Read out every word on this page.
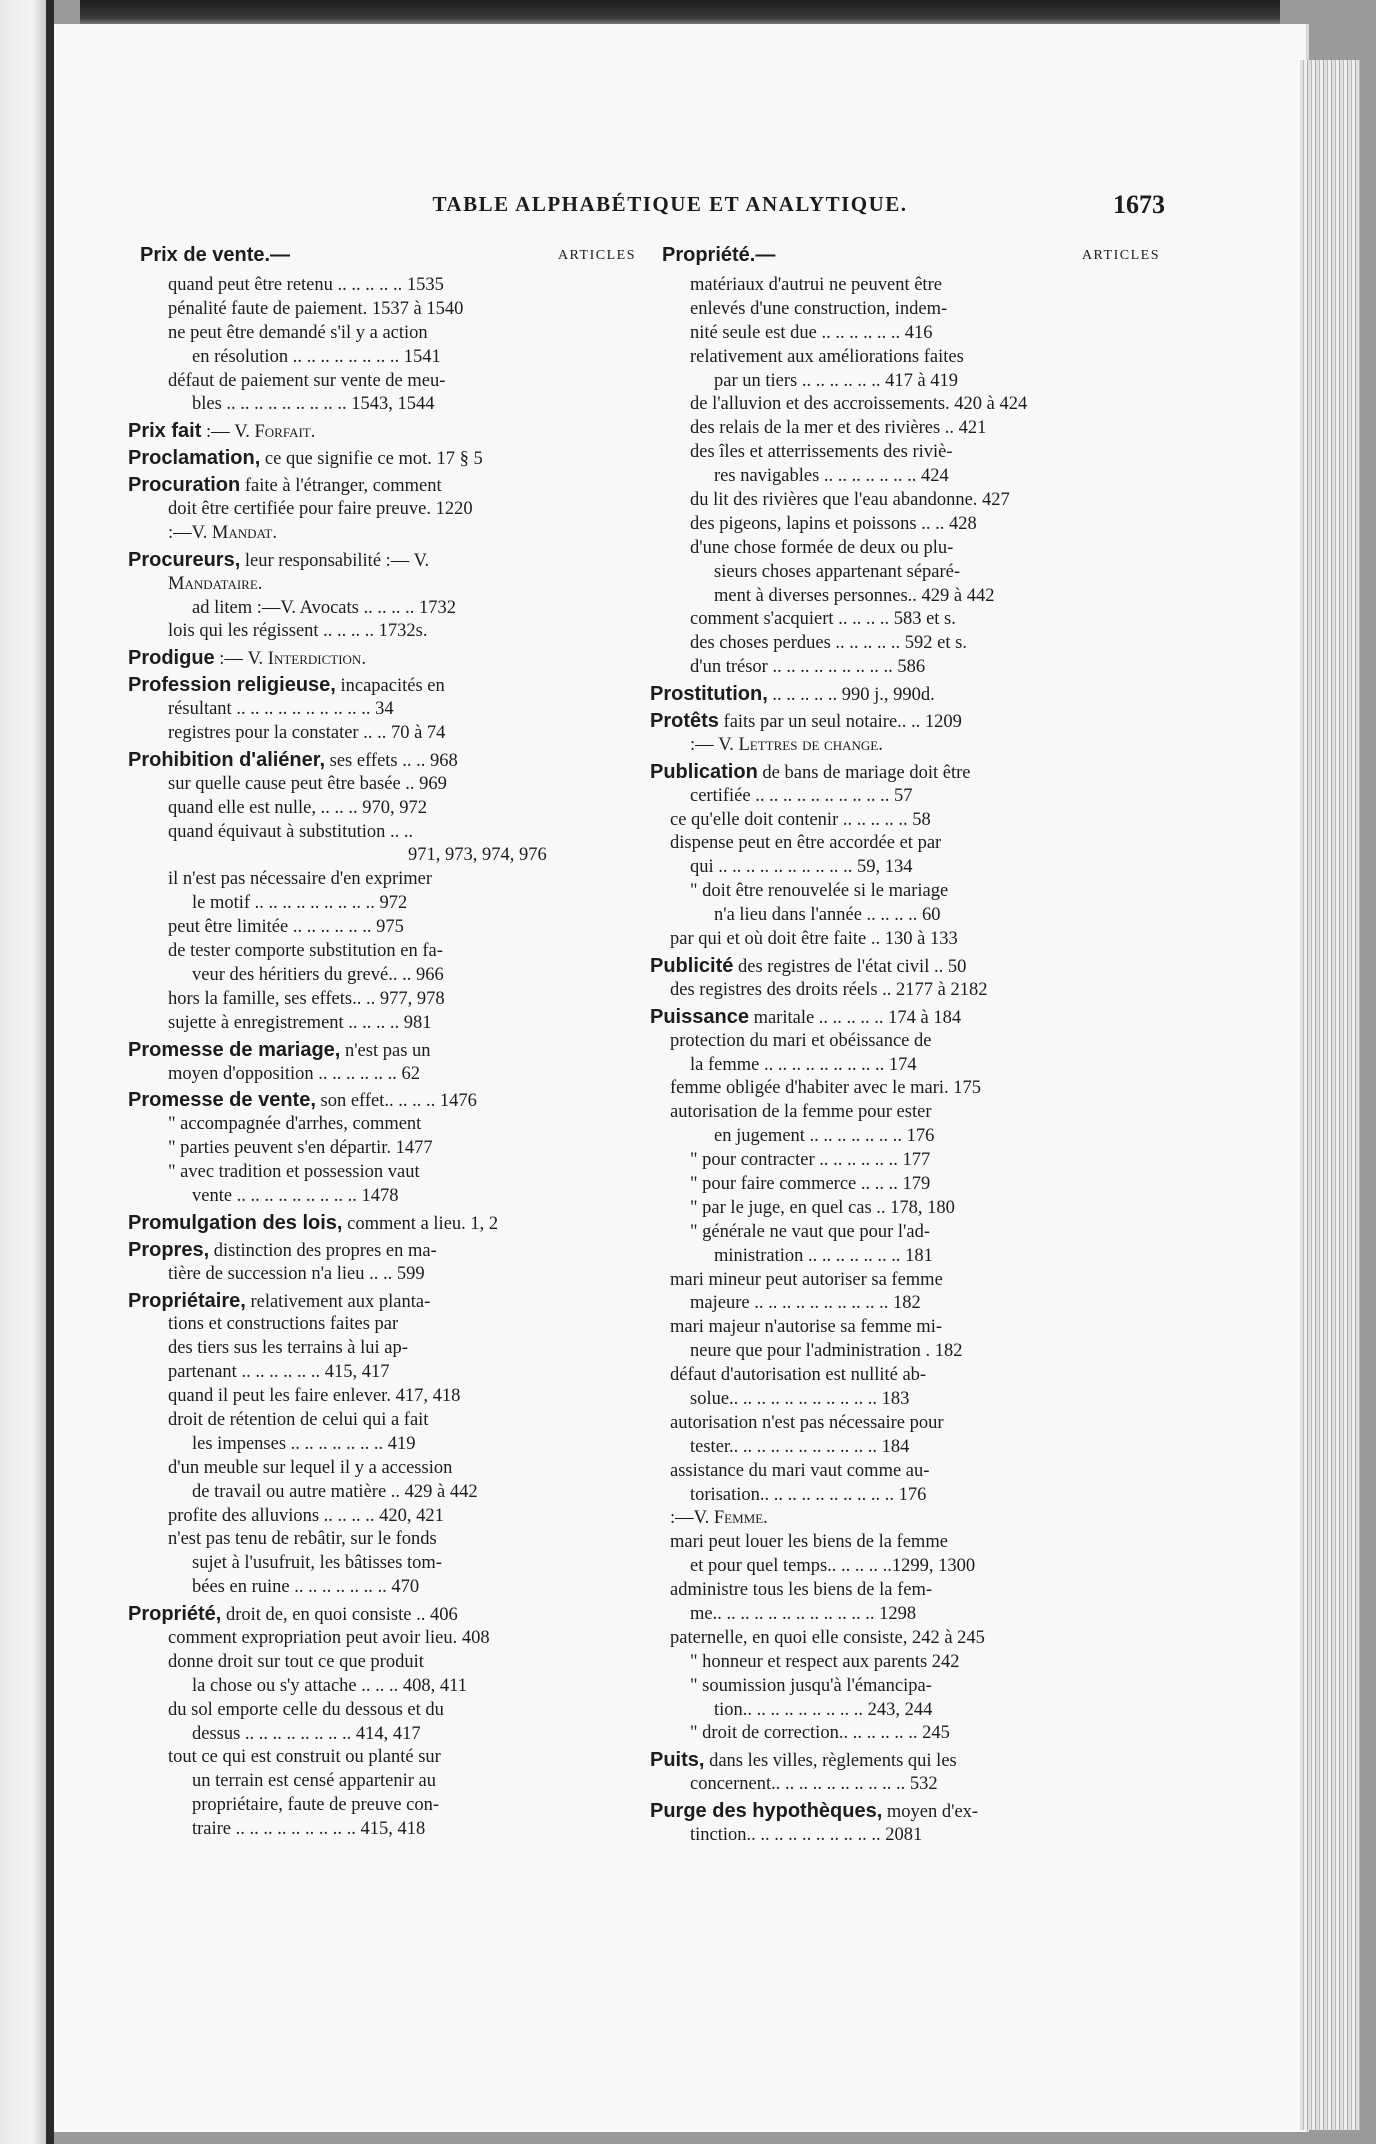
TABLE ALPHABÉTIQUE ET ANALYTIQUE.	1673
Prix de vente.—	ARTICLES
quand peut être retenu .. .. .. .. .. 1535
pénalité faute de paiement. 1537 à 1540
ne peut être demandé s'il y a action
en résolution .. .. .. .. .. .. .. .. 1541
défaut de paiement sur vente de meu-
bles .. .. .. .. .. .. .. .. .. 1543, 1544
Prix fait :— V. Forfait.
Proclamation, ce que signifie ce mot. 17 § 5
Procuration faite à l'étranger, comment
doit être certifiée pour faire preuve. 1220
:—V. Mandat.
Procureurs, leur responsabilité :— V.
Mandataire.
ad litem :—V. Avocats .. .. .. .. 1732
lois qui les régissent .. .. .. .. 1732s.
Prodigue :— V. Interdiction.
Profession religieuse, incapacités en
résultant .. .. .. .. .. .. .. .. .. .. 34
registres pour la constater .. .. 70 à 74
Prohibition d'aliéner, ses effets .. .. 968
sur quelle cause peut être basée .. 969
quand elle est nulle, .. .. .. 970, 972
quand équivaut à substitution .. ..
971, 973, 974, 976
il n'est pas nécessaire d'en exprimer
le motif .. .. .. .. .. .. .. .. .. 972
peut être limitée .. .. .. .. .. .. 975
de tester comporte substitution en fa-
veur des héritiers du grevé.. .. 966
hors la famille, ses effets.. .. 977, 978
sujette à enregistrement .. .. .. .. 981
Promesse de mariage, n'est pas un
moyen d'opposition .. .. .. .. .. .. 62
Promesse de vente, son effet.. .. .. .. 1476
" accompagnée d'arrhes, comment
" parties peuvent s'en départir. 1477
" avec tradition et possession vaut
vente .. .. .. .. .. .. .. .. .. 1478
Promulgation des lois, comment a lieu. 1, 2
Propres, distinction des propres en ma-
tière de succession n'a lieu .. .. 599
Propriétaire, relativement aux planta-
tions et constructions faites par
des tiers sus les terrains à lui ap-
partenant .. .. .. .. .. .. 415, 417
quand il peut les faire enlever. 417, 418
droit de rétention de celui qui a fait
les impenses .. .. .. .. .. .. .. 419
d'un meuble sur lequel il y a accession
de travail ou autre matière .. 429 à 442
profite des alluvions .. .. .. .. 420, 421
n'est pas tenu de rebâtir, sur le fonds
sujet à l'usufruit, les bâtisses tom-
bées en ruine .. .. .. .. .. .. .. 470
Propriété, droit de, en quoi consiste .. 406
comment expropriation peut avoir lieu. 408
donne droit sur tout ce que produit
la chose ou s'y attache .. .. .. 408, 411
du sol emporte celle du dessous et du
dessus .. .. .. .. .. .. .. .. 414, 417
tout ce qui est construit ou planté sur
un terrain est censé appartenir au
propriétaire, faute de preuve con-
traire .. .. .. .. .. .. .. .. .. 415, 418
Propriété.—	ARTICLES
matériaux d'autrui ne peuvent être
enlevés d'une construction, indem-
nité seule est due .. .. .. .. .. .. 416
relativement aux améliorations faites
par un tiers .. .. .. .. .. .. 417 à 419
de l'alluvion et des accroissements. 420 à 424
des relais de la mer et des rivières .. 421
des îles et atterrissements des riviè-
res navigables .. .. .. .. .. .. .. 424
du lit des rivières que l'eau abandonne. 427
des pigeons, lapins et poissons .. .. 428
d'une chose formée de deux ou plu-
sieurs choses appartenant séparé-
ment à diverses personnes.. 429 à 442
comment s'acquiert .. .. .. .. 583 et s.
des choses perdues .. .. .. .. .. 592 et s.
d'un trésor .. .. .. .. .. .. .. .. .. 586
Prostitution, .. .. .. .. .. 990 j., 990d.
Protêts faits par un seul notaire.. .. 1209
:— V. Lettres de change.
Publication de bans de mariage doit être
certifiée .. .. .. .. .. .. .. .. .. .. 57
ce qu'elle doit contenir .. .. .. .. .. 58
dispense peut en être accordée et par
qui .. .. .. .. .. .. .. .. .. .. 59, 134
" doit être renouvelée si le mariage
n'a lieu dans l'année .. .. .. .. 60
par qui et où doit être faite .. 130 à 133
Publicité des registres de l'état civil .. 50
des registres des droits réels .. 2177 à 2182
Puissance maritale .. .. .. .. .. 174 à 184
protection du mari et obéissance de
la femme .. .. .. .. .. .. .. .. .. 174
femme obligée d'habiter avec le mari. 175
autorisation de la femme pour ester
en jugement .. .. .. .. .. .. .. 176
" pour contracter .. .. .. .. .. .. 177
" pour faire commerce .. .. .. 179
" par le juge, en quel cas .. 178, 180
" générale ne vaut que pour l'ad-
ministration .. .. .. .. .. .. .. 181
mari mineur peut autoriser sa femme
majeure .. .. .. .. .. .. .. .. .. .. 182
mari majeur n'autorise sa femme mi-
neure que pour l'administration . 182
défaut d'autorisation est nullité ab-
solue.. .. .. .. .. .. .. .. .. .. .. 183
autorisation n'est pas nécessaire pour
tester.. .. .. .. .. .. .. .. .. .. .. 184
assistance du mari vaut comme au-
torisation.. .. .. .. .. .. .. .. .. .. 176
:—V. Femme.
mari peut louer les biens de la femme
et pour quel temps.. .. .. .. ..1299, 1300
administre tous les biens de la fem-
me.. .. .. .. .. .. .. .. .. .. .. .. 1298
paternelle, en quoi elle consiste, 242 à 245
" honneur et respect aux parents 242
" soumission jusqu'à l'émancipa-
tion.. .. .. .. .. .. .. .. .. 243, 244
" droit de correction.. .. .. .. .. .. 245
Puits, dans les villes, règlements qui les
concernent.. .. .. .. .. .. .. .. .. .. 532
Purge des hypothèques, moyen d'ex-
tinction.. .. .. .. .. .. .. .. .. .. 2081
